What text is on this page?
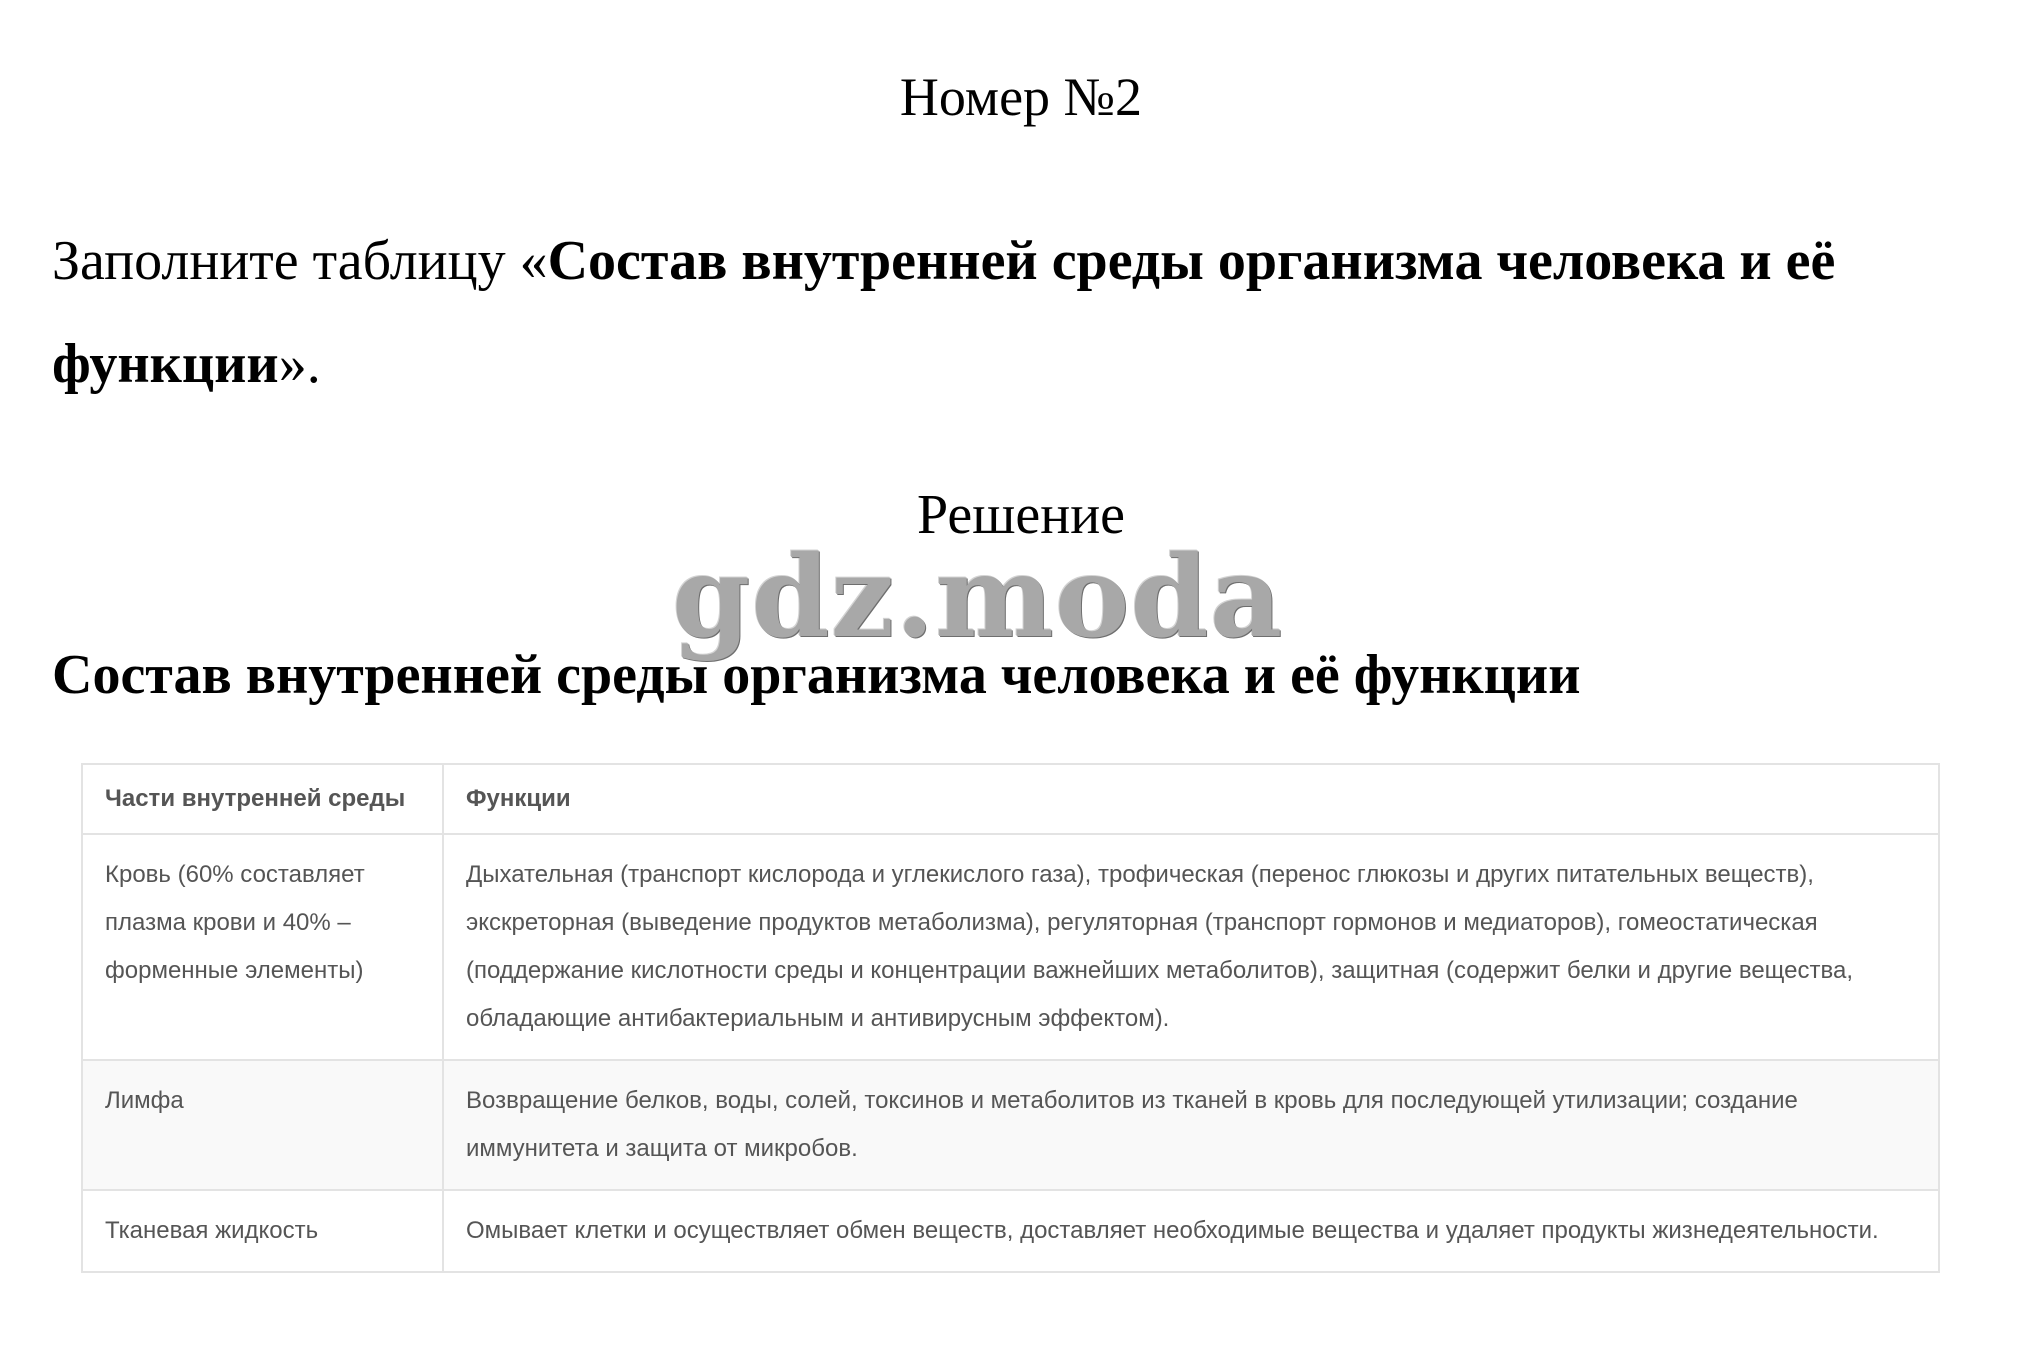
Номер №2

Заполните таблицу «Состав внутренней среды организма человека и её функции».

Решение
gdz.moda
Состав внутренней среды организма человека и её функции
Части внутренней среды	Функции
Кровь (60% составляет плазма крови и 40% – форменные элементы)	Дыхательная (транспорт кислорода и углекислого газа), трофическая (перенос глюкозы и других питательных веществ), экскреторная (выведение продуктов метаболизма), регуляторная (транспорт гормонов и медиаторов), гомеостатическая (поддержание кислотности среды и концентрации важнейших метаболитов), защитная (содержит белки и другие вещества, обладающие антибактериальным и антивирусным эффектом).
Лимфа	Возвращение белков, воды, солей, токсинов и метаболитов из тканей в кровь для последующей утилизации; создание иммунитета и защита от микробов.
Тканевая жидкость	Омывает клетки и осуществляет обмен веществ, доставляет необходимые вещества и удаляет продукты жизнедеятельности.
